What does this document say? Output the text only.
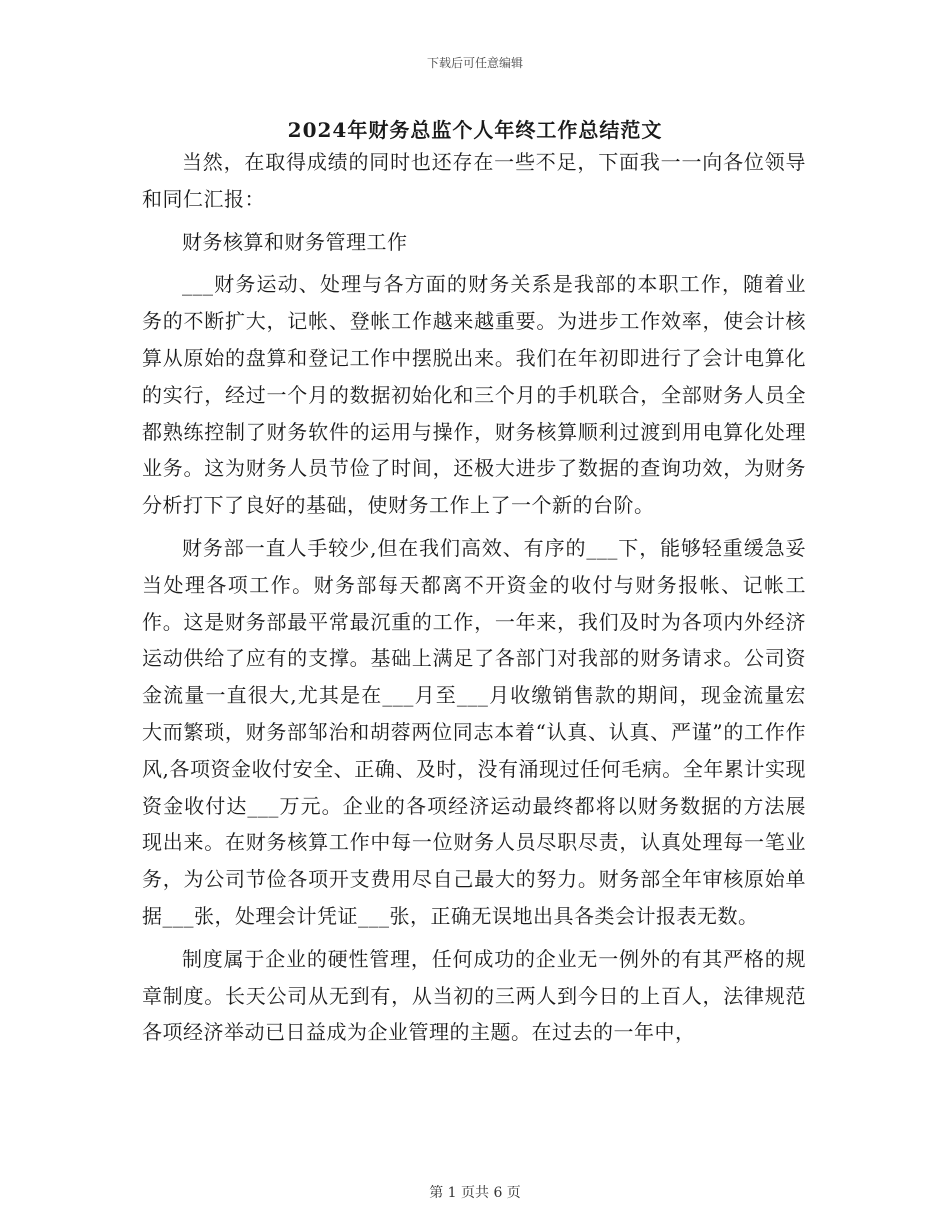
下载后可任意编辑
2024年财务总监个人年终工作总结范文

当然，在取得成绩的同时也还存在一些不足，下面我一一向各位领导和同仁汇报：

财务核算和财务管理工作

___财务运动、处理与各方面的财务关系是我部的本职工作，随着业务的不断扩大，记帐、登帐工作越来越重要。为进步工作效率，使会计核算从原始的盘算和登记工作中摆脱出来。我们在年初即进行了会计电算化的实行，经过一个月的数据初始化和三个月的手机联合，全部财务人员全都熟练控制了财务软件的运用与操作，财务核算顺利过渡到用电算化处理业务。这为财务人员节俭了时间，还极大进步了数据的查询功效，为财务分析打下了良好的基础，使财务工作上了一个新的台阶。

财务部一直人手较少,但在我们高效、有序的___下，能够轻重缓急妥当处理各项工作。财务部每天都离不开资金的收付与财务报帐、记帐工作。这是财务部最平常最沉重的工作，一年来，我们及时为各项内外经济运动供给了应有的支撑。基础上满足了各部门对我部的财务请求。公司资金流量一直很大,尤其是在___月至___月收缴销售款的期间，现金流量宏大而繁琐，财务部邹治和胡蓉两位同志本着“认真、认真、严谨”的工作作风,各项资金收付安全、正确、及时，没有涌现过任何毛病。全年累计实现资金收付达___万元。企业的各项经济运动最终都将以财务数据的方法展现出来。在财务核算工作中每一位财务人员尽职尽责，认真处理每一笔业务，为公司节俭各项开支费用尽自己最大的努力。财务部全年审核原始单据___张，处理会计凭证___张，正确无误地出具各类会计报表无数。

制度属于企业的硬性管理，任何成功的企业无一例外的有其严格的规章制度。长天公司从无到有，从当初的三两人到今日的上百人，法律规范各项经济举动已日益成为企业管理的主题。在过去的一年中，

第 1 页共 6 页
